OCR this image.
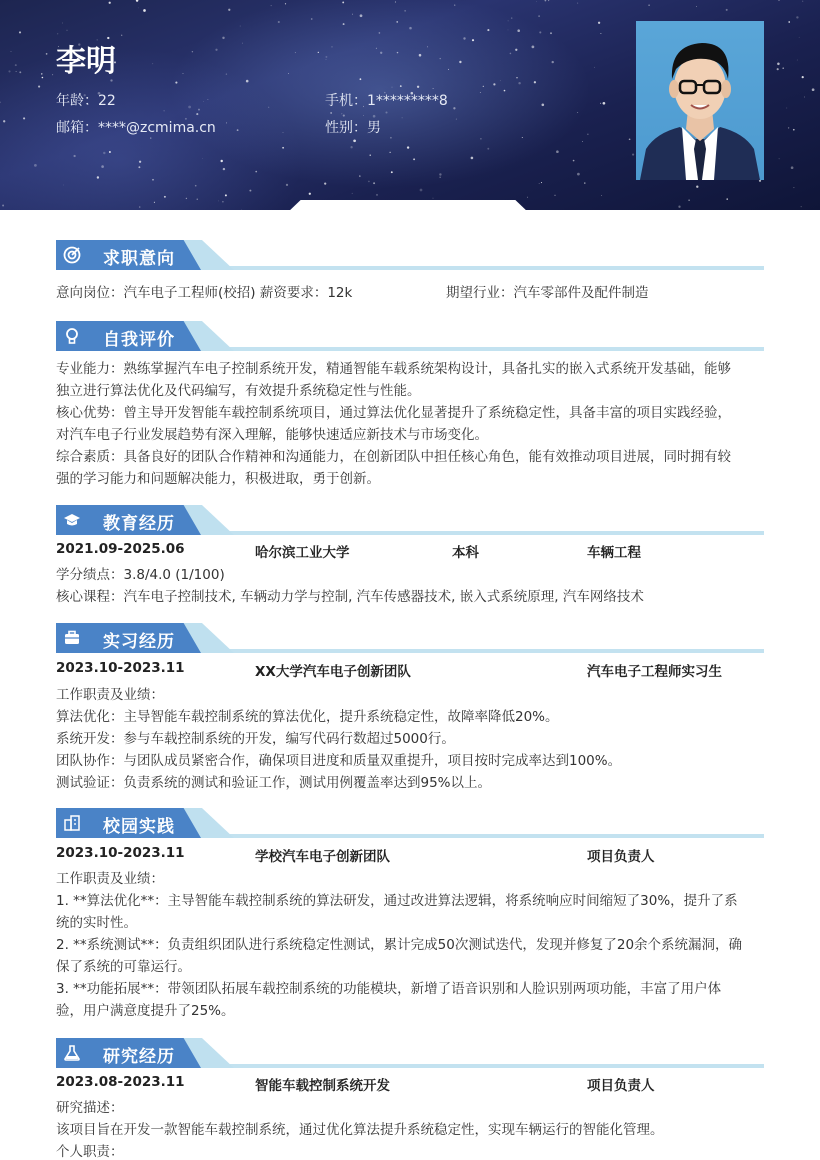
李明
年龄：22	手机：1*********8
邮箱：****@zcmima.cn	性别：男
求职意向
意向岗位：汽车电子工程师(校招) 薪资要求：12k	期望行业：汽车零部件及配件制造
自我评价
专业能力：熟练掌握汽车电子控制系统开发，精通智能车载系统架构设计，具备扎实的嵌入式系统开发基础，能够
独立进行算法优化及代码编写，有效提升系统稳定性与性能。
核心优势：曾主导开发智能车载控制系统项目，通过算法优化显著提升了系统稳定性，具备丰富的项目实践经验，
对汽车电子行业发展趋势有深入理解，能够快速适应新技术与市场变化。
综合素质：具备良好的团队合作精神和沟通能力，在创新团队中担任核心角色，能有效推动项目进展，同时拥有较
强的学习能力和问题解决能力，积极进取，勇于创新。
教育经历
2021.09-2025.06	哈尔滨工业大学	本科	车辆工程
学分绩点：3.8/4.0 (1/100)
核心课程：汽车电子控制技术, 车辆动力学与控制, 汽车传感器技术, 嵌入式系统原理, 汽车网络技术
实习经历
2023.10-2023.11	XX大学汽车电子创新团队	汽车电子工程师实习生
工作职责及业绩：
算法优化：主导智能车载控制系统的算法优化，提升系统稳定性，故障率降低20%。
系统开发：参与车载控制系统的开发，编写代码行数超过5000行。
团队协作：与团队成员紧密合作，确保项目进度和质量双重提升，项目按时完成率达到100%。
测试验证：负责系统的测试和验证工作，测试用例覆盖率达到95%以上。
校园实践
2023.10-2023.11	学校汽车电子创新团队	项目负责人
工作职责及业绩：
1. **算法优化**：主导智能车载控制系统的算法研发，通过改进算法逻辑，将系统响应时间缩短了30%，提升了系
统的实时性。
2. **系统测试**：负责组织团队进行系统稳定性测试，累计完成50次测试迭代，发现并修复了20余个系统漏洞，确
保了系统的可靠运行。
3. **功能拓展**：带领团队拓展车载控制系统的功能模块，新增了语音识别和人脸识别两项功能，丰富了用户体
验，用户满意度提升了25%。
研究经历
2023.08-2023.11	智能车载控制系统开发	项目负责人
研究描述：
该项目旨在开发一款智能车载控制系统，通过优化算法提升系统稳定性，实现车辆运行的智能化管理。
个人职责：
